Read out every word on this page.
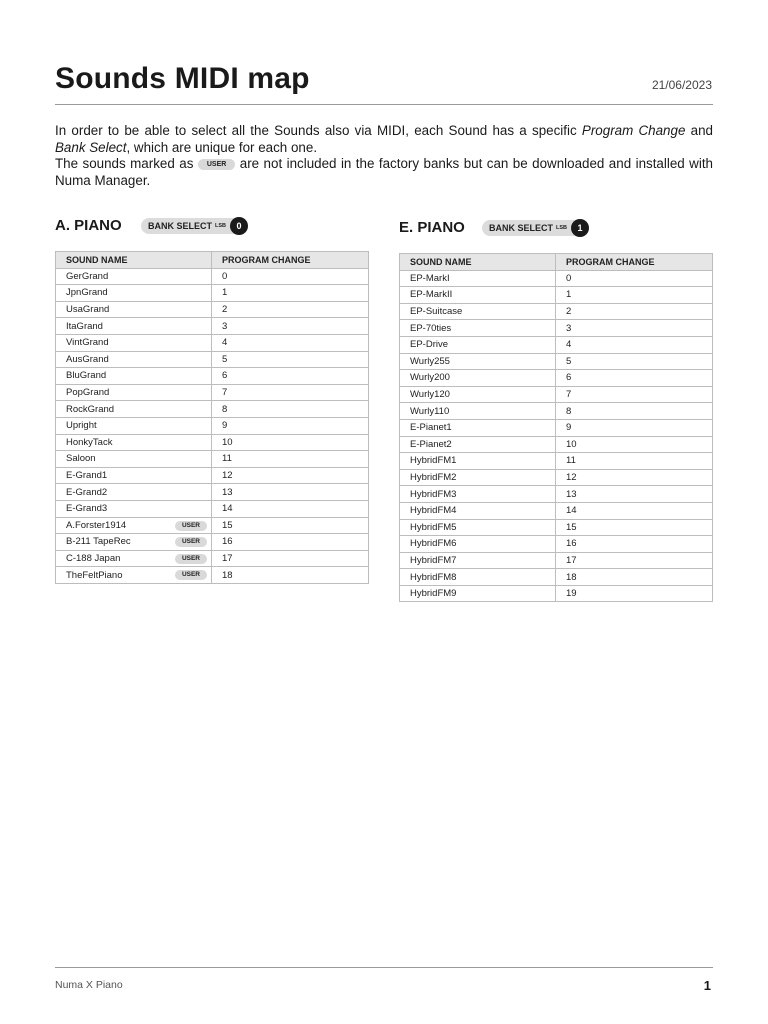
Sounds MIDI map	21/06/2023

In order to be able to select all the Sounds also via MIDI, each Sound has a specific Program Change and Bank Select, which are unique for each one.

The sounds marked as USER are not included in the factory banks but can be downloaded and installed with Numa Manager.

A. PIANO	BANK SELECT LSB	0
SOUND NAME	PROGRAM CHANGE
GerGrand	0
JpnGrand	1
UsaGrand	2
ItaGrand	3
VintGrand	4
AusGrand	5
BluGrand	6
PopGrand	7
RockGrand	8
Upright	9
HonkyTack	10
Saloon	11
E-Grand1	12
E-Grand2	13
E-Grand3	14
A.Forster1914 USER	15
B-211 TapeRec USER	16
C-188 Japan USER	17
TheFeltPiano USER	18
E. PIANO	BANK SELECT LSB	1
SOUND NAME	PROGRAM CHANGE
EP-MarkI	0
EP-MarkII	1
EP-Suitcase	2
EP-70ties	3
EP-Drive	4
Wurly255	5
Wurly200	6
Wurly120	7
Wurly110	8
E-Pianet1	9
E-Pianet2	10
HybridFM1	11
HybridFM2	12
HybridFM3	13
HybridFM4	14
HybridFM5	15
HybridFM6	16
HybridFM7	17
HybridFM8	18
HybridFM9	19
Numa X Piano	1
